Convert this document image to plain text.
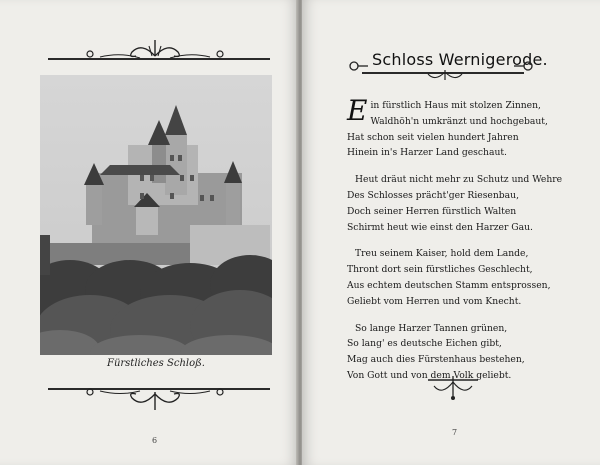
Fürstliches Schloß.
6
Schloss Wernigerode.
E in fürstlich Haus mit stolzen Zinnen,
Waldhöh'n umkränzt und hochgebaut,
Hat schon seit vielen hundert Jahren
Hinein in's Harzer Land geschaut.
Heut dräut nicht mehr zu Schutz und Wehre
Des Schlosses prächt'ger Riesenbau,
Doch seiner Herren fürstlich Walten
Schirmt heut wie einst den Harzer Gau.
Treu seinem Kaiser, hold dem Lande,
Thront dort sein fürstliches Geschlecht,
Aus echtem deutschen Stamm entsprossen,
Geliebt vom Herren und vom Knecht.
So lange Harzer Tannen grünen,
So lang' es deutsche Eichen gibt,
Mag auch dies Fürstenhaus bestehen,
Von Gott und von dem Volk geliebt.
7
